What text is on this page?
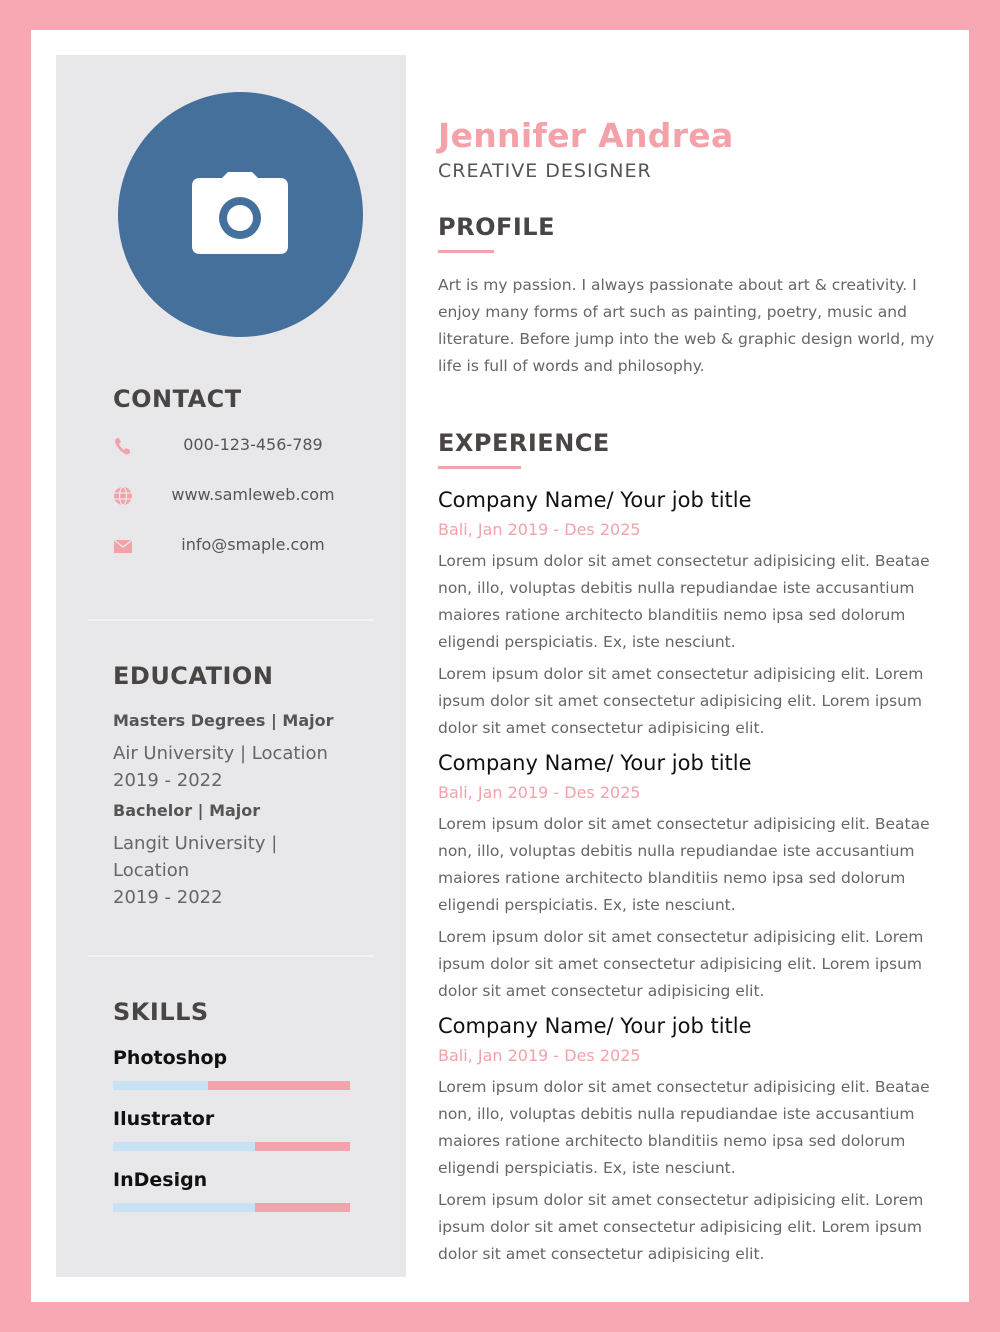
CONTACT
000-123-456-789
www.samleweb.com
info@smaple.com
EDUCATION

Masters Degrees | Major

Air University | Location

2019 - 2022

Bachelor | Major

Langit University | Location

2019 - 2022

SKILLS

Photoshop

Ilustrator

InDesign

Jennifer Andrea

CREATIVE DESIGNER

PROFILE

Art is my passion. I always passionate about art & creativity. I enjoy many forms of art such as painting, poetry, music and literature. Before jump into the web & graphic design world, my life is full of words and philosophy.

EXPERIENCE

Company Name/ Your job title

Bali, Jan 2019 - Des 2025

Lorem ipsum dolor sit amet consectetur adipisicing elit. Beatae non, illo, voluptas debitis nulla repudiandae iste accusantium maiores ratione architecto blanditiis nemo ipsa sed dolorum eligendi perspiciatis. Ex, iste nesciunt.

Lorem ipsum dolor sit amet consectetur adipisicing elit. Lorem ipsum dolor sit amet consectetur adipisicing elit. Lorem ipsum dolor sit amet consectetur adipisicing elit.

Company Name/ Your job title

Bali, Jan 2019 - Des 2025

Lorem ipsum dolor sit amet consectetur adipisicing elit. Beatae non, illo, voluptas debitis nulla repudiandae iste accusantium maiores ratione architecto blanditiis nemo ipsa sed dolorum eligendi perspiciatis. Ex, iste nesciunt.

Lorem ipsum dolor sit amet consectetur adipisicing elit. Lorem ipsum dolor sit amet consectetur adipisicing elit. Lorem ipsum dolor sit amet consectetur adipisicing elit.

Company Name/ Your job title

Bali, Jan 2019 - Des 2025

Lorem ipsum dolor sit amet consectetur adipisicing elit. Beatae non, illo, voluptas debitis nulla repudiandae iste accusantium maiores ratione architecto blanditiis nemo ipsa sed dolorum eligendi perspiciatis. Ex, iste nesciunt.

Lorem ipsum dolor sit amet consectetur adipisicing elit. Lorem ipsum dolor sit amet consectetur adipisicing elit. Lorem ipsum dolor sit amet consectetur adipisicing elit.
